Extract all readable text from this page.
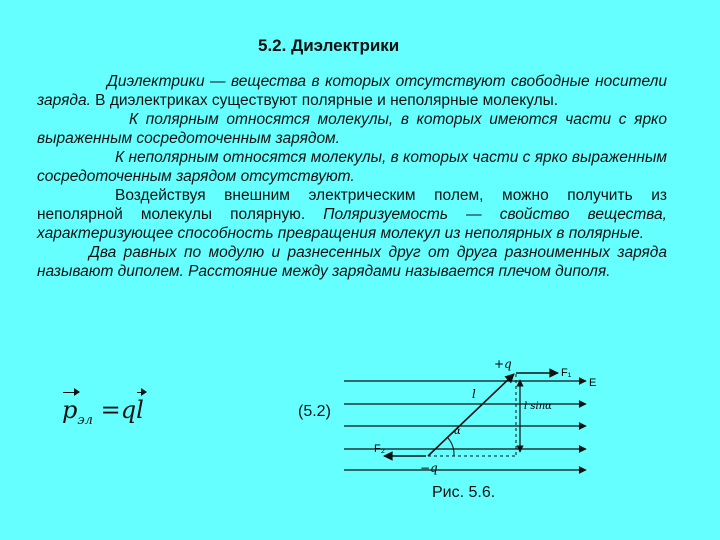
5.2. Диэлектрики

Диэлектрики — вещества в которых отсутствуют свободные носители заряда. В диэлектриках существуют полярные и неполярные молекулы.

К полярным относятся молекулы, в которых имеются части с ярко выраженным сосредоточенным зарядом.

К неполярным относятся молекулы, в которых части с ярко выраженным сосредоточенным зарядом отсутствуют.

Воздействуя внешним электрическим полем, можно получить из неполярной молекулы полярную. Поляризуемость — свойство вещества, характеризующее способность превращения молекул из неполярных в полярные.

Два равных по модулю и разнесенных друг от друга разноименных заряда называют диполем. Расстояние между зарядами называется плечом диполя.

$p_{эл} =ql$	(5.2)
+q
F₁
E
l
l sinα
α
F₂
−q
Рис. 5.6.
